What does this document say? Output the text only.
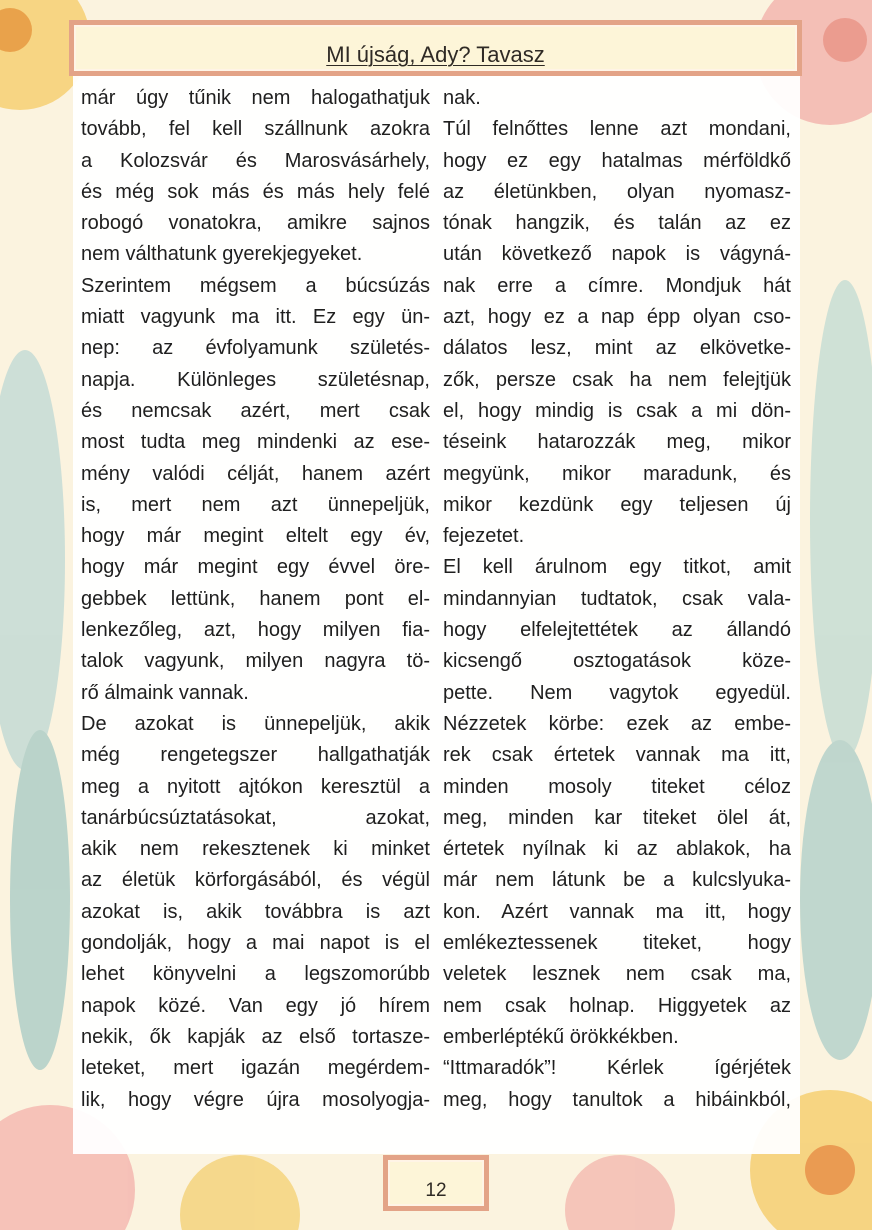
MI újság, Ady? Tavasz
már úgy tűnik nem halogathatjuk
tovább, fel kell szállnunk azokra
a Kolozsvár és Marosvásárhely,
és még sok más és más hely felé
robogó vonatokra, amikre sajnos
nem válthatunk gyerekjegyeket.
Szerintem mégsem a búcsúzás
miatt vagyunk ma itt. Ez egy ün-
nep: az évfolyamunk születés-
napja. Különleges születésnap,
és nemcsak azért, mert csak
most tudta meg mindenki az ese-
mény valódi célját, hanem azért
is, mert nem azt ünnepeljük,
hogy már megint eltelt egy év,
hogy már megint egy évvel öre-
gebbek lettünk, hanem pont el-
lenkezőleg, azt, hogy milyen fia-
talok vagyunk, milyen nagyra tö-
rő álmaink vannak.
De azokat is ünnepeljük, akik
még rengetegszer hallgathatják
meg a nyitott ajtókon keresztül a
tanárbúcsúztatásokat, azokat,
akik nem rekesztenek ki minket
az életük körforgásából, és végül
azokat is, akik továbbra is azt
gondolják, hogy a mai napot is el
lehet könyvelni a legszomorúbb
napok közé. Van egy jó hírem
nekik, ők kapják az első tortasze-
leteket, mert igazán megérdem-
lik, hogy végre újra mosolyogja-
nak.
Túl felnőttes lenne azt mondani,
hogy ez egy hatalmas mérföldkő
az életünkben, olyan nyomasz-
tónak hangzik, és talán az ez
után következő napok is vágyná-
nak erre a címre. Mondjuk hát
azt, hogy ez a nap épp olyan cso-
dálatos lesz, mint az elkövetke-
zők, persze csak ha nem felejtjük
el, hogy mindig is csak a mi dön-
téseink hatarozzák meg, mikor
megyünk, mikor maradunk, és
mikor kezdünk egy teljesen új
fejezetet.
El kell árulnom egy titkot, amit
mindannyian tudtatok, csak vala-
hogy elfelejtettétek az állandó
kicsengő osztogatások köze-
pette. Nem vagytok egyedül.
Nézzetek körbe: ezek az embe-
rek csak értetek vannak ma itt,
minden mosoly titeket céloz
meg, minden kar titeket ölel át,
értetek nyílnak ki az ablakok, ha
már nem látunk be a kulcslyuka-
kon. Azért vannak ma itt, hogy
emlékeztessenek titeket, hogy
veletek lesznek nem csak ma,
nem csak holnap. Higgyetek az
emberléptékű örökkékben.
“Ittmaradók”! Kérlek ígérjétek
meg, hogy tanultok a hibáinkból,
12
